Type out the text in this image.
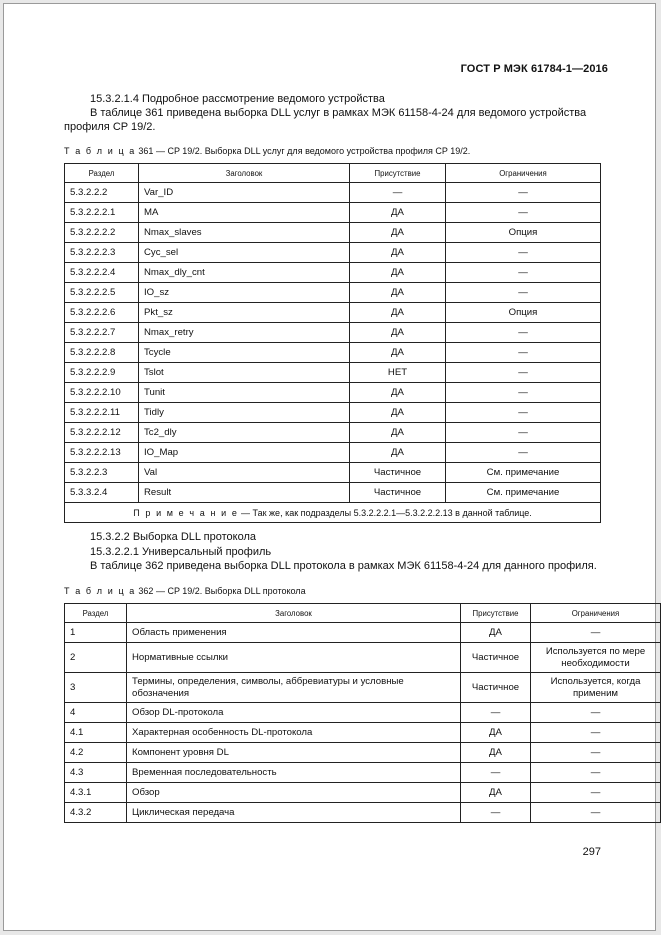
ГОСТ Р МЭК 61784-1—2016
15.3.2.1.4 Подробное рассмотрение ведомого устройства
В таблице 361 приведена выборка DLL услуг в рамках МЭК 61158-4-24 для ведомого устройства
профиля CP 19/2.
Т а б л и ц а 361 — CP 19/2. Выборка DLL услуг для ведомого устройства профиля CP 19/2.
Раздел	Заголовок	Присутствие	Ограничения
5.3.2.2.2	Var_ID	—	—
5.3.2.2.2.1	MA	ДА	—
5.3.2.2.2.2	Nmax_slaves	ДА	Опция
5.3.2.2.2.3	Cyc_sel	ДА	—
5.3.2.2.2.4	Nmax_dly_cnt	ДА	—
5.3.2.2.2.5	IO_sz	ДА	—
5.3.2.2.2.6	Pkt_sz	ДА	Опция
5.3.2.2.2.7	Nmax_retry	ДА	—
5.3.2.2.2.8	Tcycle	ДА	—
5.3.2.2.2.9	Tslot	НЕТ	—
5.3.2.2.2.10	Tunit	ДА	—
5.3.2.2.2.11	Tidly	ДА	—
5.3.2.2.2.12	Tc2_dly	ДА	—
5.3.2.2.2.13	IO_Map	ДА	—
5.3.2.2.3	Val	Частичное	См. примечание
5.3.3.2.4	Result	Частичное	См. примечание
П р и м е ч а н и е — Так же, как подразделы 5.3.2.2.2.1—5.3.2.2.2.13 в данной таблице.			
15.3.2.2 Выборка DLL протокола
15.3.2.2.1 Универсальный профиль
В таблице 362 приведена выборка DLL протокола в рамках МЭК 61158-4-24 для данного профиля.
Т а б л и ц а 362 — CP 19/2. Выборка DLL протокола
Раздел	Заголовок	Присутствие	Ограничения
1	Область применения	ДА	—
2	Нормативные ссылки	Частичное	Используется по мере необходимости
3	Термины, определения, символы, аббревиатуры и условные обозначения	Частичное	Используется, когда применим
4	Обзор DL-протокола	—	—
4.1	Характерная особенность DL-протокола	ДА	—
4.2	Компонент уровня DL	ДА	—
4.3	Временная последовательность	—	—
4.3.1	Обзор	ДА	—
4.3.2	Циклическая передача	—	—
297
